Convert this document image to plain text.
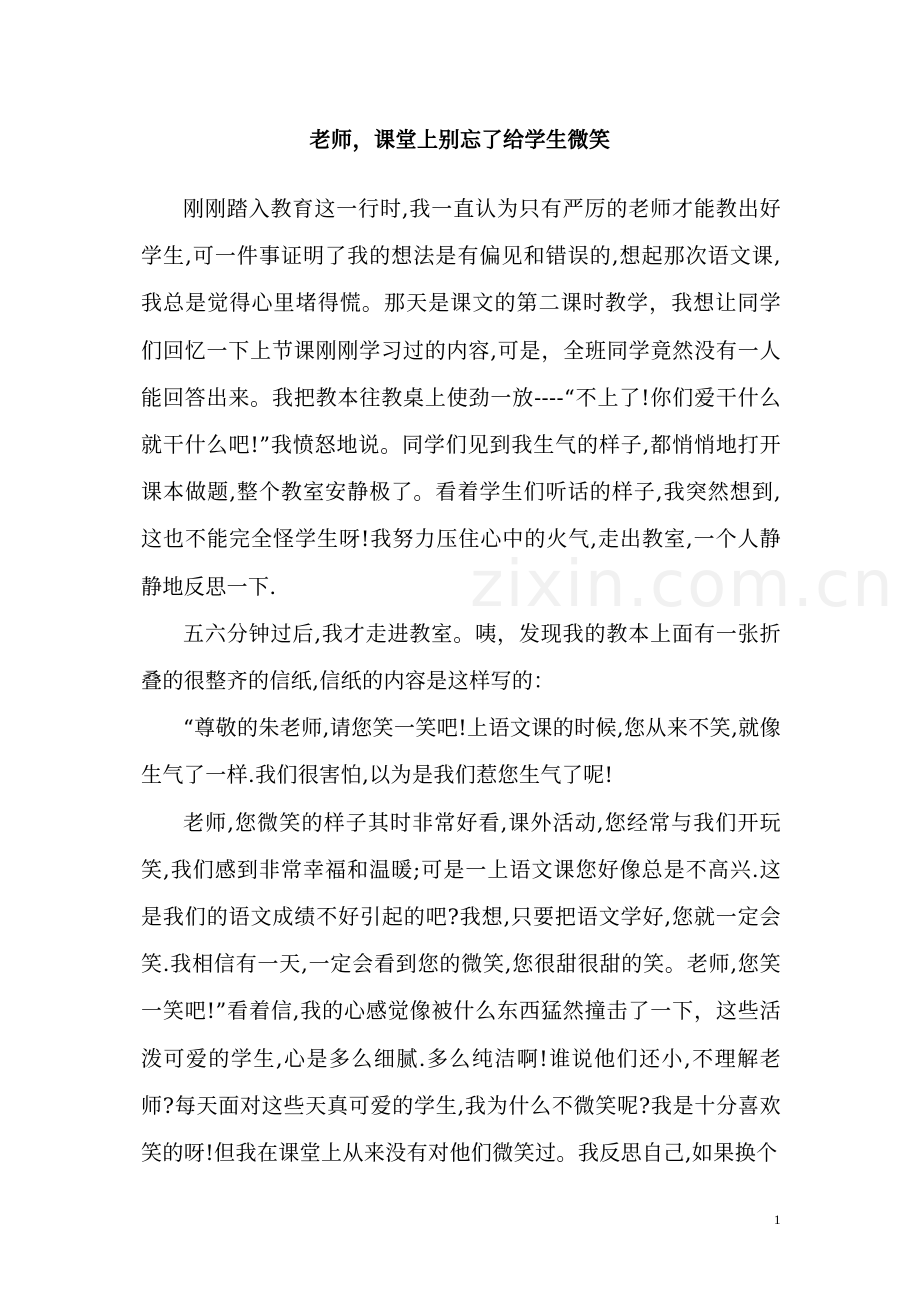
老师，课堂上别忘了给学生微笑
zixin.com.cn

刚刚踏入教育这一行时,我一直认为只有严厉的老师才能教出好学生,可一件事证明了我的想法是有偏见和错误的,想起那次语文课,我总是觉得心里堵得慌。那天是课文的第二课时教学，我想让同学们回忆一下上节课刚刚学习过的内容,可是，全班同学竟然没有一人能回答出来。我把教本往教桌上使劲一放----“不上了!你们爱干什么就干什么吧!”我愤怒地说。同学们见到我生气的样子,都悄悄地打开课本做题,整个教室安静极了。看着学生们听话的样子,我突然想到,这也不能完全怪学生呀!我努力压住心中的火气,走出教室,一个人静静地反思一下.

五六分钟过后,我才走进教室。咦，发现我的教本上面有一张折叠的很整齐的信纸,信纸的内容是这样写的：

“尊敬的朱老师,请您笑一笑吧!上语文课的时候,您从来不笑,就像生气了一样.我们很害怕,以为是我们惹您生气了呢!

老师,您微笑的样子其时非常好看,课外活动,您经常与我们开玩笑,我们感到非常幸福和温暖;可是一上语文课您好像总是不高兴.这是我们的语文成绩不好引起的吧?我想,只要把语文学好,您就一定会笑.我相信有一天,一定会看到您的微笑,您很甜很甜的笑。老师,您笑一笑吧!”看着信,我的心感觉像被什么东西猛然撞击了一下，这些活泼可爱的学生,心是多么细腻.多么纯洁啊!谁说他们还小,不理解老师?每天面对这些天真可爱的学生,我为什么不微笑呢?我是十分喜欢笑的呀!但我在课堂上从来没有对他们微笑过。我反思自己,如果换个

1
